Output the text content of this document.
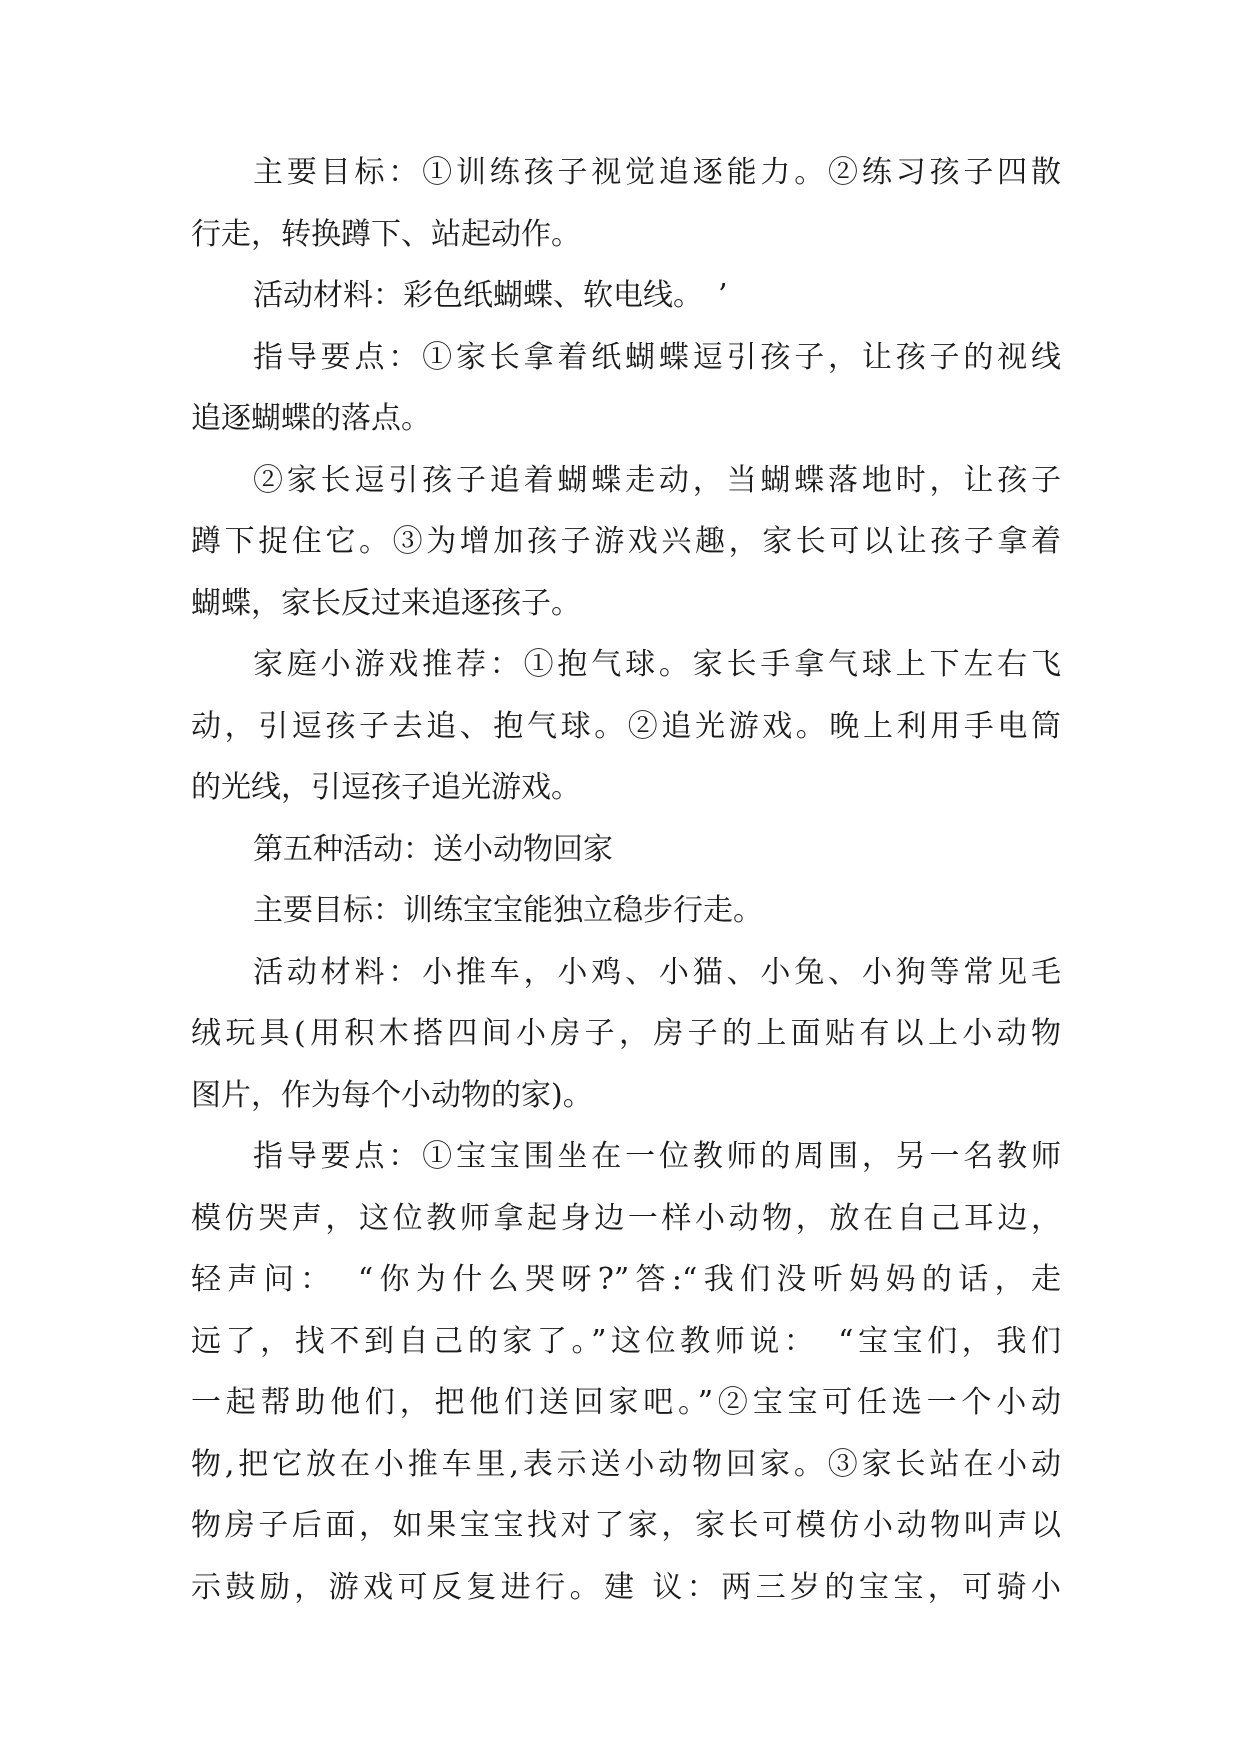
主要目标：①训练孩子视觉追逐能力。②练习孩子四散
行走，转换蹲下、站起动作。
活动材料：彩色纸蝴蝶、软电线。　’
指导要点：①家长拿着纸蝴蝶逗引孩子，让孩子的视线
追逐蝴蝶的落点。
②家长逗引孩子追着蝴蝶走动，当蝴蝶落地时，让孩子
蹲下捉住它。③为增加孩子游戏兴趣，家长可以让孩子拿着
蝴蝶，家长反过来追逐孩子。
家庭小游戏推荐：①抱气球。家长手拿气球上下左右飞
动，引逗孩子去追、抱气球。②追光游戏。晚上利用手电筒
的光线，引逗孩子追光游戏。
第五种活动：送小动物回家
主要目标：训练宝宝能独立稳步行走。
活动材料：小推车，小鸡、小猫、小兔、小狗等常见毛
绒玩具(用积木搭四间小房子，房子的上面贴有以上小动物
图片，作为每个小动物的家)。
指导要点：①宝宝围坐在一位教师的周围，另一名教师
模仿哭声，这位教师拿起身边一样小动物，放在自己耳边，
轻声问：　“你为什么哭呀?”答:“我们没听妈妈的话，走
远了，找不到自己的家了。”这位教师说：　“宝宝们，我们
一起帮助他们，把他们送回家吧。”②宝宝可任选一个小动
物,把它放在小推车里,表示送小动物回家。③家长站在小动
物房子后面，如果宝宝找对了家，家长可模仿小动物叫声以
示鼓励，游戏可反复进行。建 议：两三岁的宝宝，可骑小
